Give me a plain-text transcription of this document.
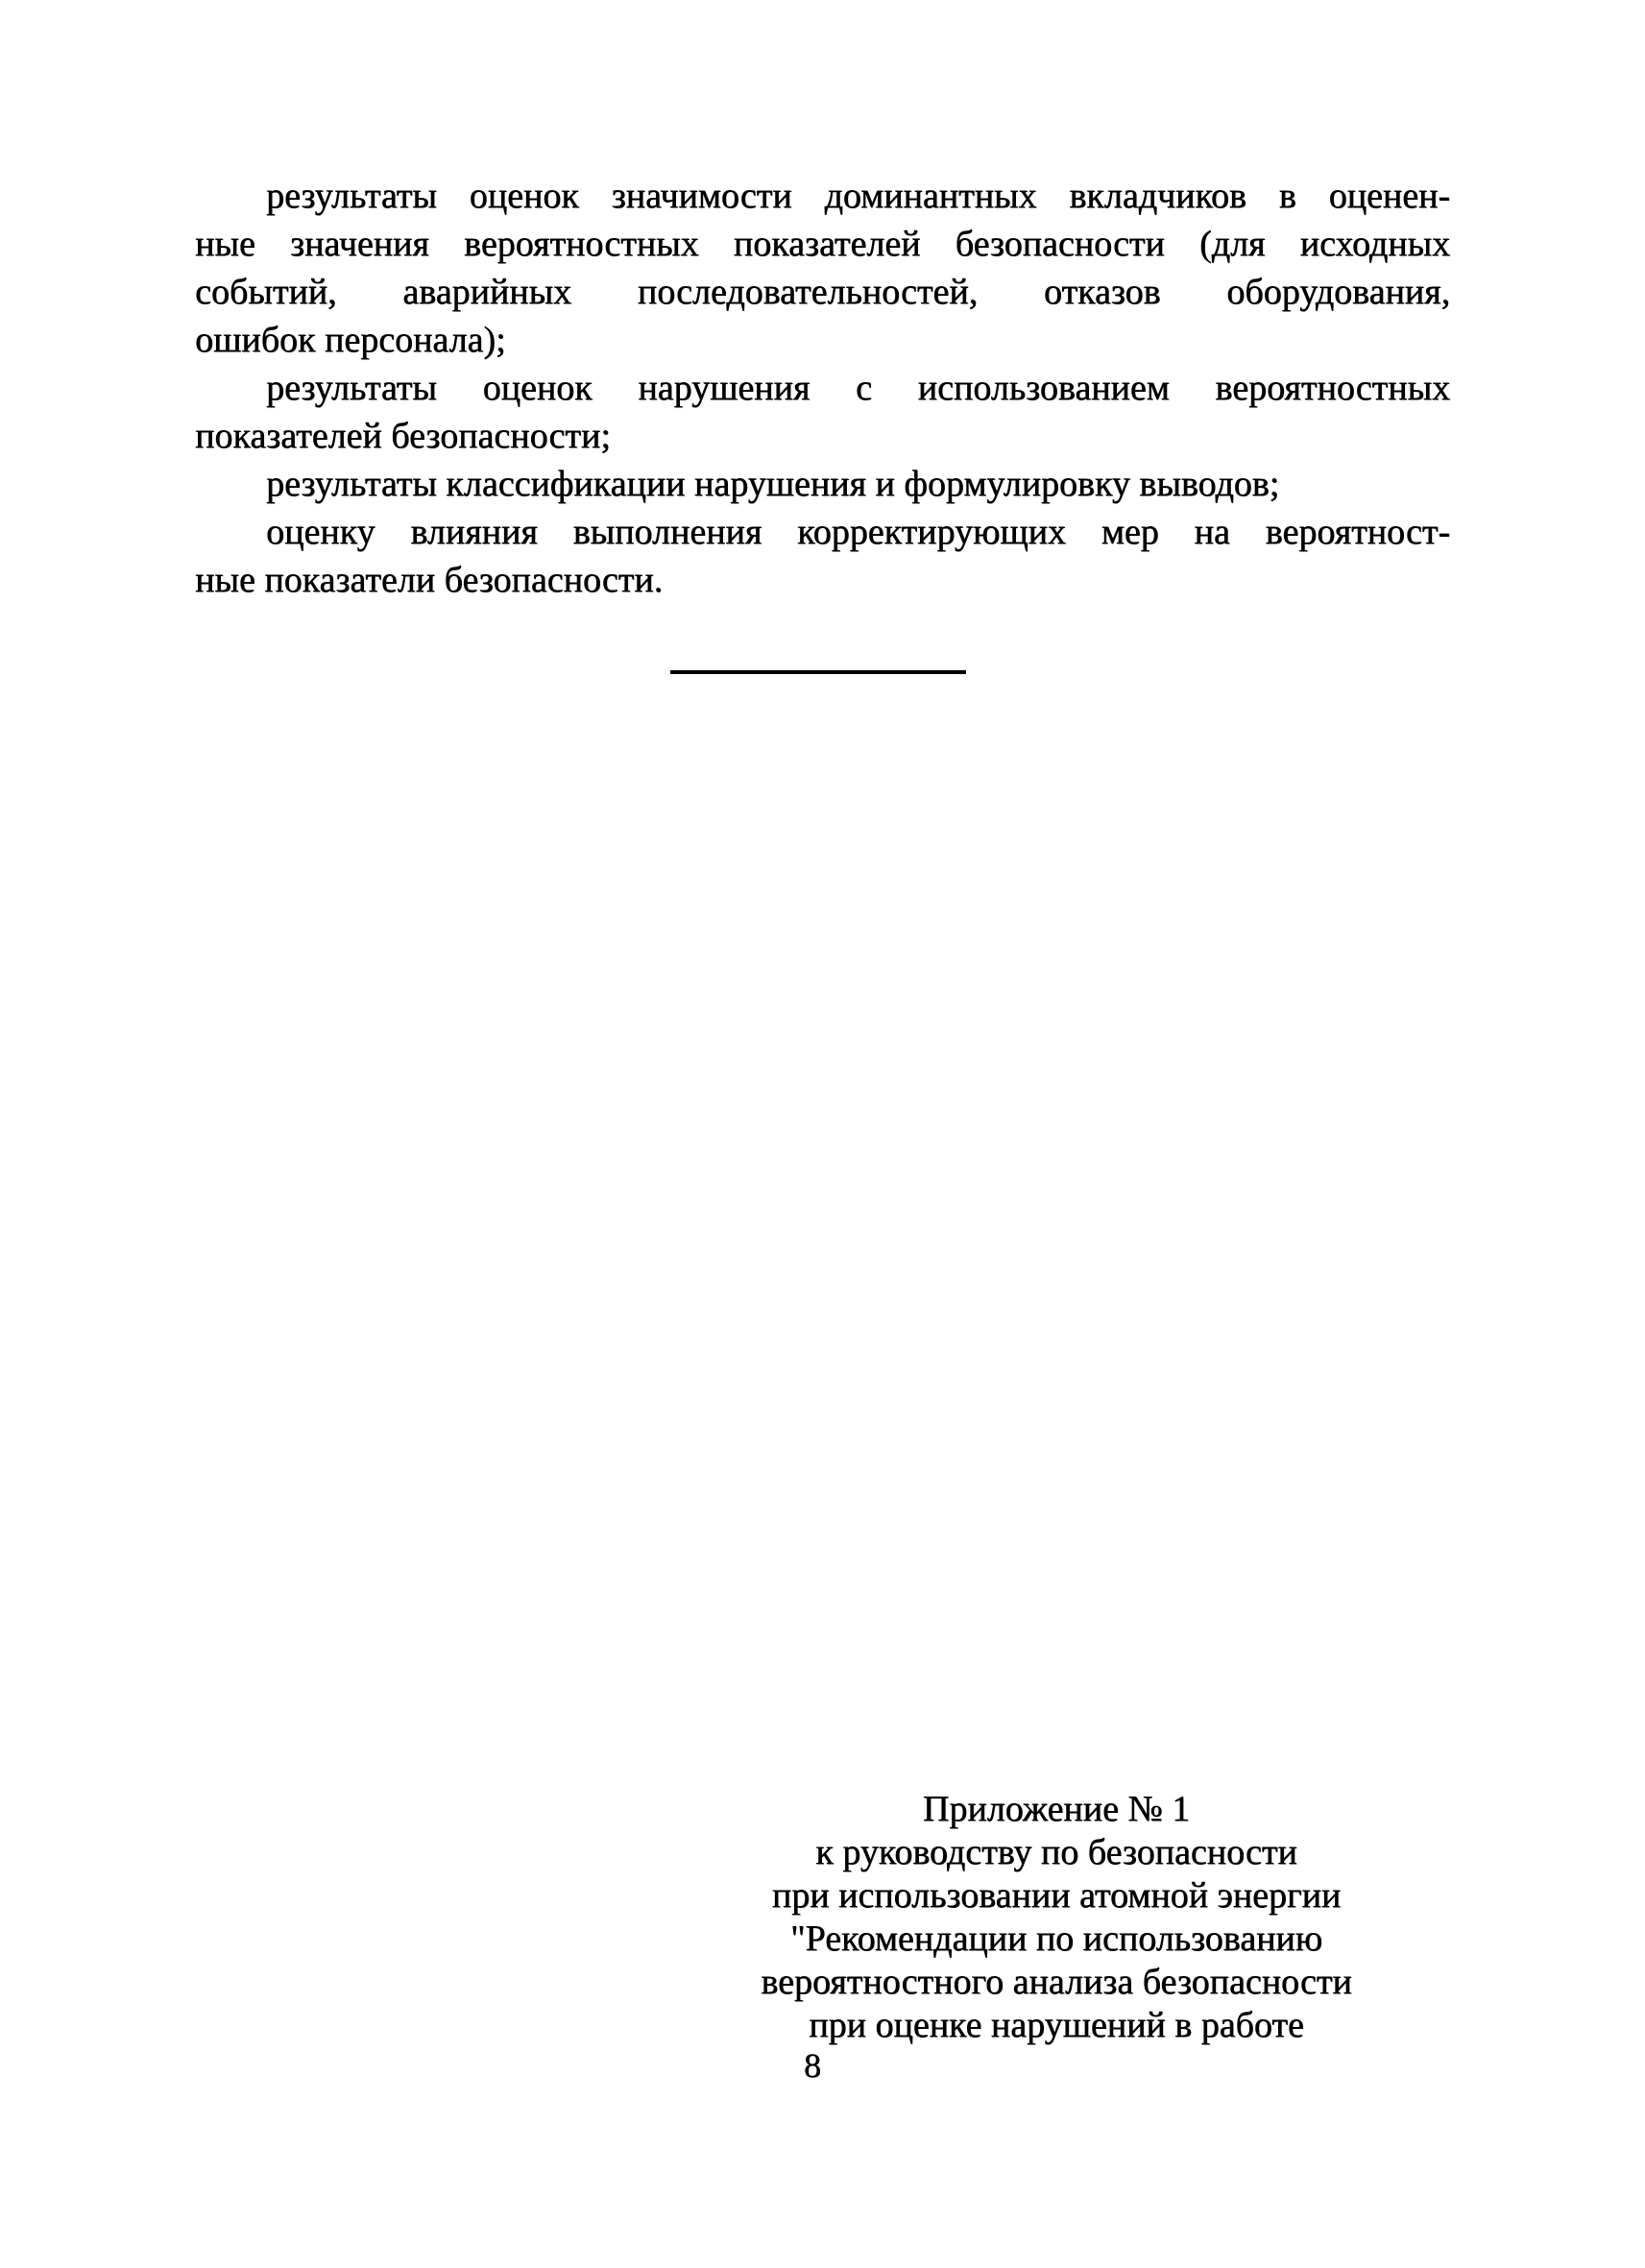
результаты оценок значимости доминантных вкладчиков в оценен-
ные значения вероятностных показателей безопасности (для исходных
событий, аварийных последовательностей, отказов оборудования,
ошибок персонала);
результаты оценок нарушения с использованием вероятностных
показателей безопасности;
результаты классификации нарушения и формулировку выводов;
оценку влияния выполнения корректирующих мер на вероятност-
ные показатели безопасности.
Приложение № 1
к руководству по безопасности
при использовании атомной энергии
"Рекомендации по использованию
вероятностного анализа безопасности
при оценке нарушений в работе
8
